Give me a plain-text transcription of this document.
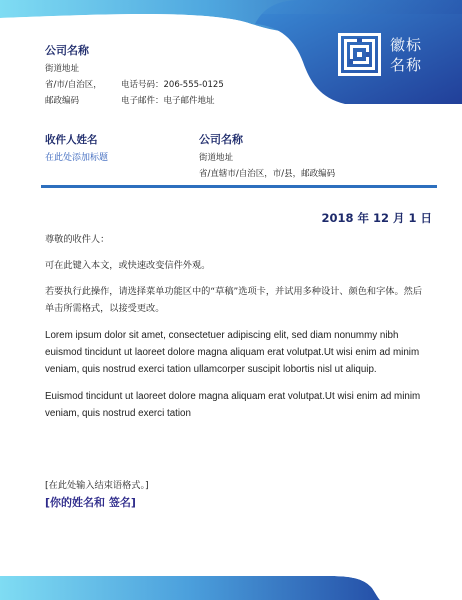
徽标
名称
公司名称
街道地址
省/市/自治区，	电话号码：206-555-0125
邮政编码	电子邮件：电子邮件地址
收件人姓名
在此处添加标题
公司名称
街道地址
省/直辖市/自治区，市/县，邮政编码
2018 年 12 月 1 日

尊敬的收件人：

可在此键入本文，或快速改变信件外观。

若要执行此操作，请选择菜单功能区中的“草稿”选项卡，并试用多种设计、颜色和字体。然后单击所需格式，以接受更改。

Lorem ipsum dolor sit amet, consectetuer adipiscing elit, sed diam nonummy nibh euismod tincidunt ut laoreet dolore magna aliquam erat volutpat.Ut wisi enim ad minim veniam, quis nostrud exerci tation ullamcorper suscipit lobortis nisl ut aliquip.

Euismod tincidunt ut laoreet dolore magna aliquam erat volutpat.Ut wisi enim ad minim veniam, quis nostrud exerci tation

[在此处输入结束语格式。]
[你的姓名和 签名]
